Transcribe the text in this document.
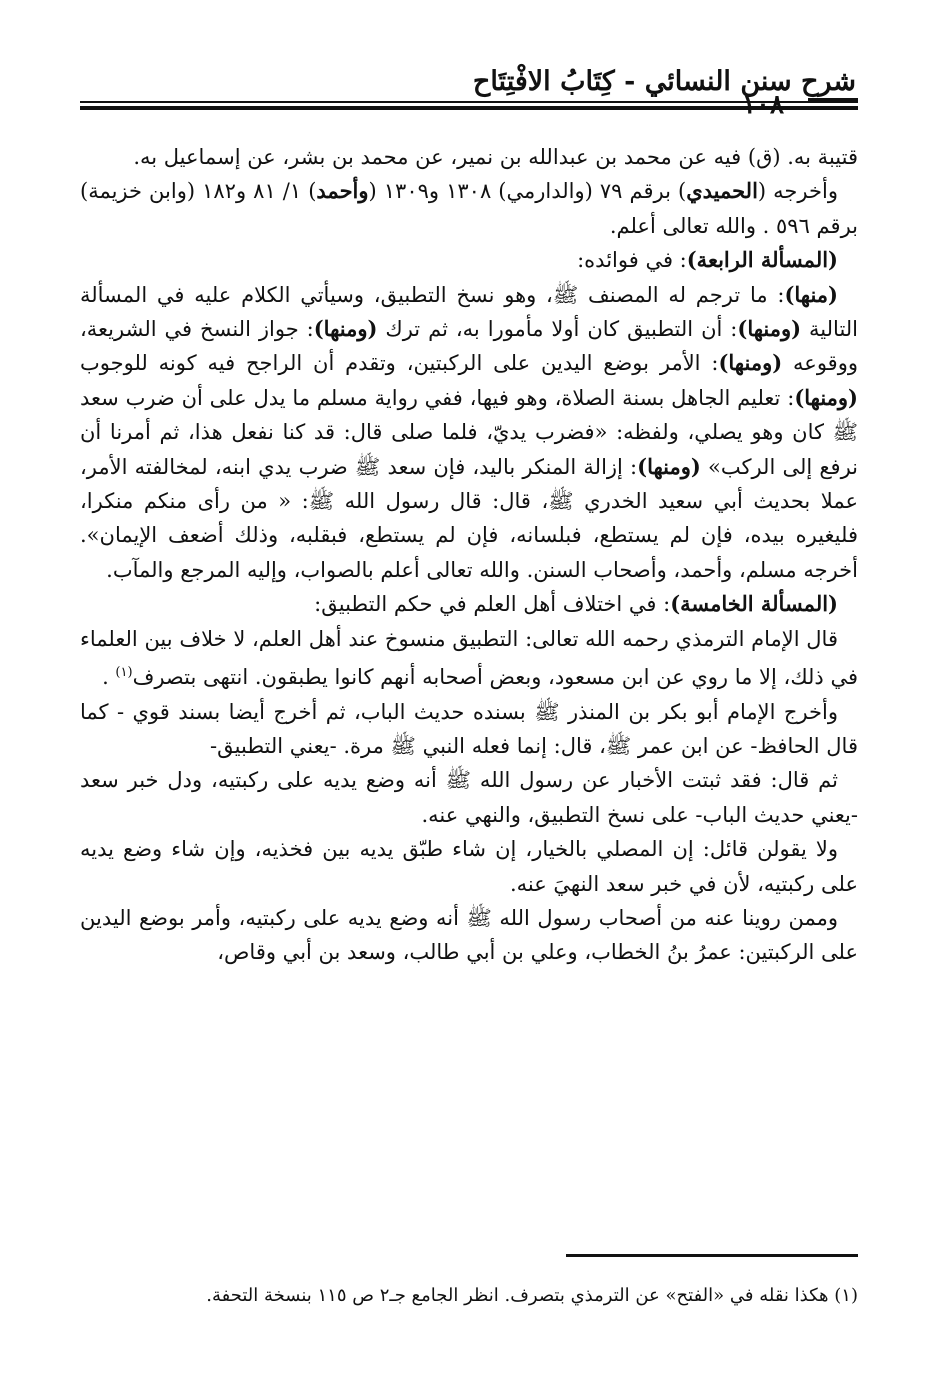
شرح سنن النسائي - كِتَابُ الافْتِتَاح
١٠٨

قتيبة به. (ق) فيه عن محمد بن عبدالله بن نمير، عن محمد بن بشر، عن إسماعيل به.

وأخرجه (الحميدي) برقم ٧٩ (والدارمي) ١٣٠٨ و١٣٠٩ (وأحمد) ١/ ٨١ و١٨٢ (وابن خزيمة) برقم ٥٩٦ . والله تعالى أعلم.

(المسألة الرابعة): في فوائده:

(منها): ما ترجم له المصنف ﷺ، وهو نسخ التطبيق، وسيأتي الكلام عليه في المسألة التالية (ومنها): أن التطبيق كان أولا مأمورا به، ثم ترك (ومنها): جواز النسخ في الشريعة، ووقوعه (ومنها): الأمر بوضع اليدين على الركبتين، وتقدم أن الراجح فيه كونه للوجوب (ومنها): تعليم الجاهل بسنة الصلاة، وهو فيها، ففي رواية مسلم ما يدل على أن ضرب سعد ﷺ كان وهو يصلي، ولفظه: «فضرب يديّ، فلما صلى قال: قد كنا نفعل هذا، ثم أمرنا أن نرفع إلى الركب» (ومنها): إزالة المنكر باليد، فإن سعد ﷺ ضرب يدي ابنه، لمخالفته الأمر، عملا بحديث أبي سعيد الخدري ﷺ، قال: قال رسول الله ﷺ: « من رأى منكم منكرا، فليغيره بيده، فإن لم يستطع، فبلسانه، فإن لم يستطع، فبقلبه، وذلك أضعف الإيمان». أخرجه مسلم، وأحمد، وأصحاب السنن. والله تعالى أعلم بالصواب، وإليه المرجع والمآب.

(المسألة الخامسة): في اختلاف أهل العلم في حكم التطبيق:

قال الإمام الترمذي رحمه الله تعالى: التطبيق منسوخ عند أهل العلم، لا خلاف بين العلماء في ذلك، إلا ما روي عن ابن مسعود، وبعض أصحابه أنهم كانوا يطبقون. انتهى بتصرف$^{(١)}$ .

وأخرج الإمام أبو بكر بن المنذر ﷺ بسنده حديث الباب، ثم أخرج أيضا بسند قوي - كما قال الحافظ- عن ابن عمر ﷺ، قال: إنما فعله النبي ﷺ مرة. -يعني التطبيق-

ثم قال: فقد ثبتت الأخبار عن رسول الله ﷺ أنه وضع يديه على ركبتيه، ودل خبر سعد -يعني حديث الباب- على نسخ التطبيق، والنهي عنه.

ولا يقولن قائل: إن المصلي بالخيار، إن شاء طبّق يديه بين فخذيه، وإن شاء وضع يديه على ركبتيه، لأن في خبر سعد النهيَ عنه.

وممن روينا عنه من أصحاب رسول الله ﷺ أنه وضع يديه على ركبتيه، وأمر بوضع اليدين على الركبتين: عمرُ بنُ الخطاب، وعلي بن أبي طالب، وسعد بن أبي وقاص،

(١) هكذا نقله في «الفتح» عن الترمذي بتصرف. انظر الجامع جـ٢ ص ١١٥ بنسخة التحفة.
